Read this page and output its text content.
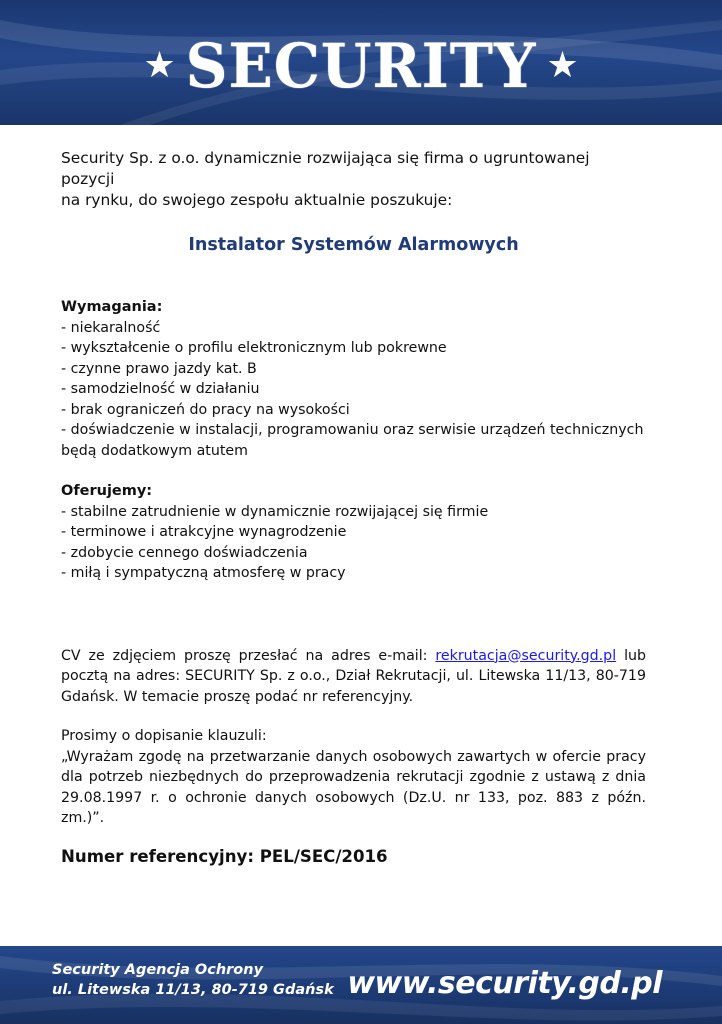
★ SECURITY ★

Security Sp. z o.o. dynamicznie rozwijająca się firma o ugruntowanej pozycji
na rynku, do swojego zespołu aktualnie poszukuje:

Instalator Systemów Alarmowych

Wymagania:

- niekaralność

- wykształcenie o profilu elektronicznym lub pokrewne

- czynne prawo jazdy kat. B

- samodzielność w działaniu

- brak ograniczeń do pracy na wysokości

- doświadczenie w instalacji, programowaniu oraz serwisie urządzeń technicznych

będą dodatkowym atutem

Oferujemy:

- stabilne zatrudnienie w dynamicznie rozwijającej się firmie

- terminowe i atrakcyjne wynagrodzenie

- zdobycie cennego doświadczenia

- miłą i sympatyczną atmosferę w pracy

CV ze zdjęciem proszę przesłać na adres e-mail: rekrutacja@security.gd.pl lub pocztą na adres: SECURITY Sp. z o.o., Dział Rekrutacji, ul. Litewska 11/13, 80-719 Gdańsk. W temacie proszę podać nr referencyjny.

Prosimy o dopisanie klauzuli:

„Wyrażam zgodę na przetwarzanie danych osobowych zawartych w ofercie pracy dla potrzeb niezbędnych do przeprowadzenia rekrutacji zgodnie z ustawą z dnia 29.08.1997 r. o ochronie danych osobowych (Dz.U. nr 133, poz. 883 z późn. zm.)”.

Numer referencyjny: PEL/SEC/2016

Security Agencja Ochrony
ul. Litewska 11/13, 80-719 Gdańsk www.security.gd.pl
